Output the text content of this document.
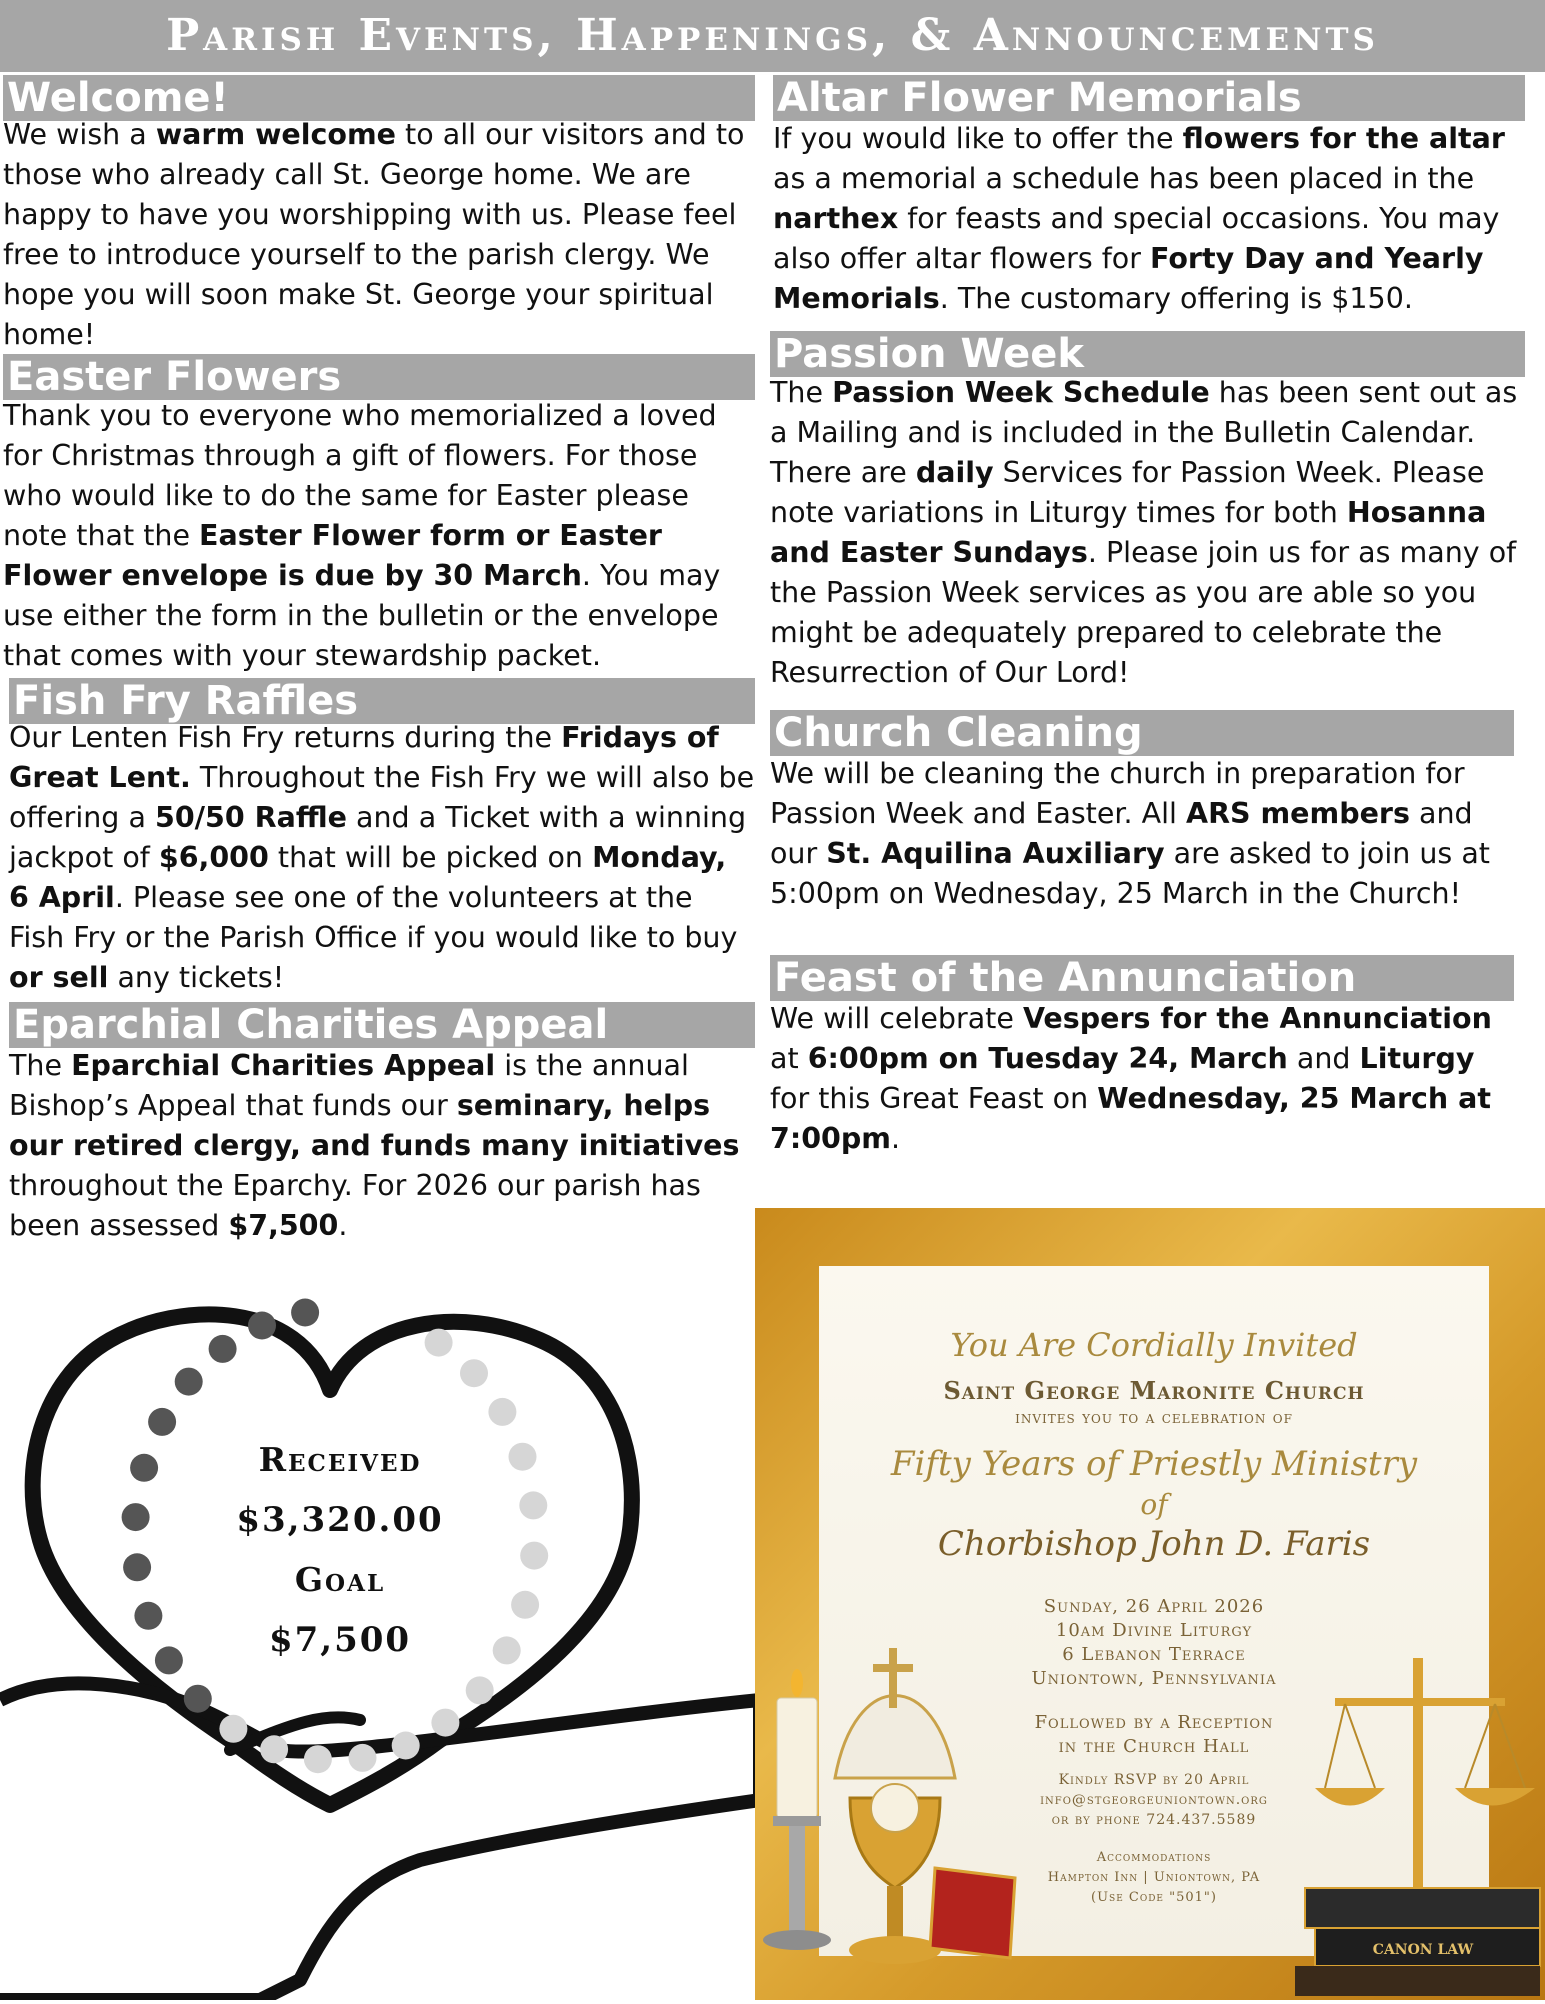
Parish Events, Happenings, & Announcements
Welcome!
We wish a warm welcome to all our visitors and to those who already call St. George home. We are happy to have you worshipping with us. Please feel free to introduce yourself to the parish clergy. We hope you will soon make St. George your spiritual home!
Easter Flowers
Thank you to everyone who memorialized a loved for Christmas through a gift of flowers. For those who would like to do the same for Easter please note that the Easter Flower form or Easter Flower envelope is due by 30 March. You may use either the form in the bulletin or the envelope that comes with your stewardship packet.
Fish Fry Raffles
Our Lenten Fish Fry returns during the Fridays of Great Lent. Throughout the Fish Fry we will also be offering a 50/50 Raffle and a Ticket with a winning jackpot of $6,000 that will be picked on Monday, 6 April. Please see one of the volunteers at the Fish Fry or the Parish Office if you would like to buy or sell any tickets!
Eparchial Charities Appeal
The Eparchial Charities Appeal is the annual Bishop’s Appeal that funds our seminary, helps our retired clergy, and funds many initiatives throughout the Eparchy. For 2026 our parish has been assessed $7,500.
Altar Flower Memorials
If you would like to offer the flowers for the altar as a memorial a schedule has been placed in the narthex for feasts and special occasions. You may also offer altar flowers for Forty Day and Yearly Memorials. The customary offering is $150.
Passion Week
The Passion Week Schedule has been sent out as a Mailing and is included in the Bulletin Calendar. There are daily Services for Passion Week. Please note variations in Liturgy times for both Hosanna and Easter Sundays. Please join us for as many of the Passion Week services as you are able so you might be adequately prepared to celebrate the Resurrection of Our Lord!
Church Cleaning
We will be cleaning the church in preparation for Passion Week and Easter. All ARS members and our St. Aquilina Auxiliary are asked to join us at 5:00pm on Wednesday, 25 March in the Church!
Feast of the Annunciation
We will celebrate Vespers for the Annunciation at 6:00pm on Tuesday 24, March and Liturgy for this Great Feast on Wednesday, 25 March at 7:00pm.
Received
$3,320.00
Goal
$7,500
You Are Cordially Invited
Saint George Maronite Church
invites you to a celebration of
Fifty Years of Priestly Ministry
of
Chorbishop John D. Faris
Sunday, 26 April 2026
10am Divine Liturgy
6 Lebanon Terrace
Uniontown, Pennsylvania
Followed by a Reception
in the Church Hall
Kindly RSVP by 20 April
info@stgeorgeuniontown.org
or by phone 724.437.5589
Accommodations
Hampton Inn | Uniontown, PA
(Use Code "501")
CANON LAW
